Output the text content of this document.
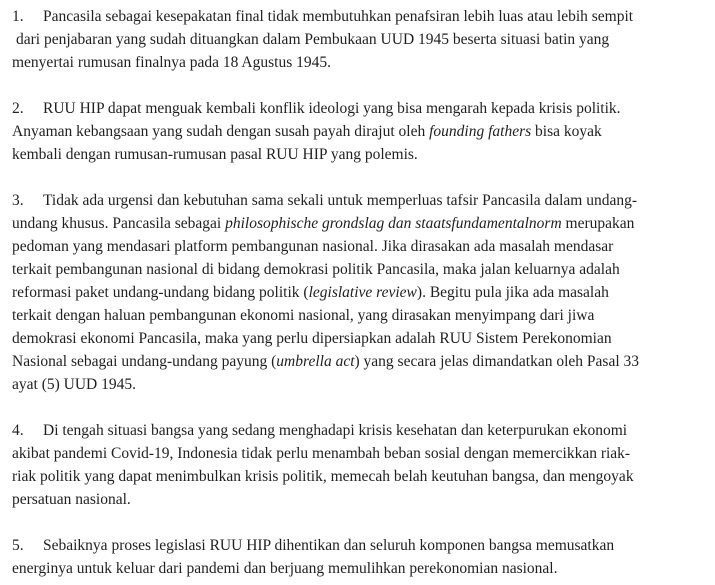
1. Pancasila sebagai kesepakatan final tidak membutuhkan penafsiran lebih luas atau lebih sempit
dari penjabaran yang sudah dituangkan dalam Pembukaan UUD 1945 beserta situasi batin yang
menyertai rumusan finalnya pada 18 Agustus 1945.

2. RUU HIP dapat menguak kembali konflik ideologi yang bisa mengarah kepada krisis politik.
Anyaman kebangsaan yang sudah dengan susah payah dirajut oleh founding fathers bisa koyak
kembali dengan rumusan-rumusan pasal RUU HIP yang polemis.

3. Tidak ada urgensi dan kebutuhan sama sekali untuk memperluas tafsir Pancasila dalam undang-
undang khusus. Pancasila sebagai philosophische grondslag dan staatsfundamentalnorm merupakan
pedoman yang mendasari platform pembangunan nasional. Jika dirasakan ada masalah mendasar
terkait pembangunan nasional di bidang demokrasi politik Pancasila, maka jalan keluarnya adalah
reformasi paket undang-undang bidang politik (legislative review). Begitu pula jika ada masalah
terkait dengan haluan pembangunan ekonomi nasional, yang dirasakan menyimpang dari jiwa
demokrasi ekonomi Pancasila, maka yang perlu dipersiapkan adalah RUU Sistem Perekonomian
Nasional sebagai undang-undang payung (umbrella act) yang secara jelas dimandatkan oleh Pasal 33
ayat (5) UUD 1945.

4. Di tengah situasi bangsa yang sedang menghadapi krisis kesehatan dan keterpurukan ekonomi
akibat pandemi Covid-19, Indonesia tidak perlu menambah beban sosial dengan memercikkan riak-
riak politik yang dapat menimbulkan krisis politik, memecah belah keutuhan bangsa, dan mengoyak
persatuan nasional.

5. Sebaiknya proses legislasi RUU HIP dihentikan dan seluruh komponen bangsa memusatkan
energinya untuk keluar dari pandemi dan berjuang memulihkan perekonomian nasional.
